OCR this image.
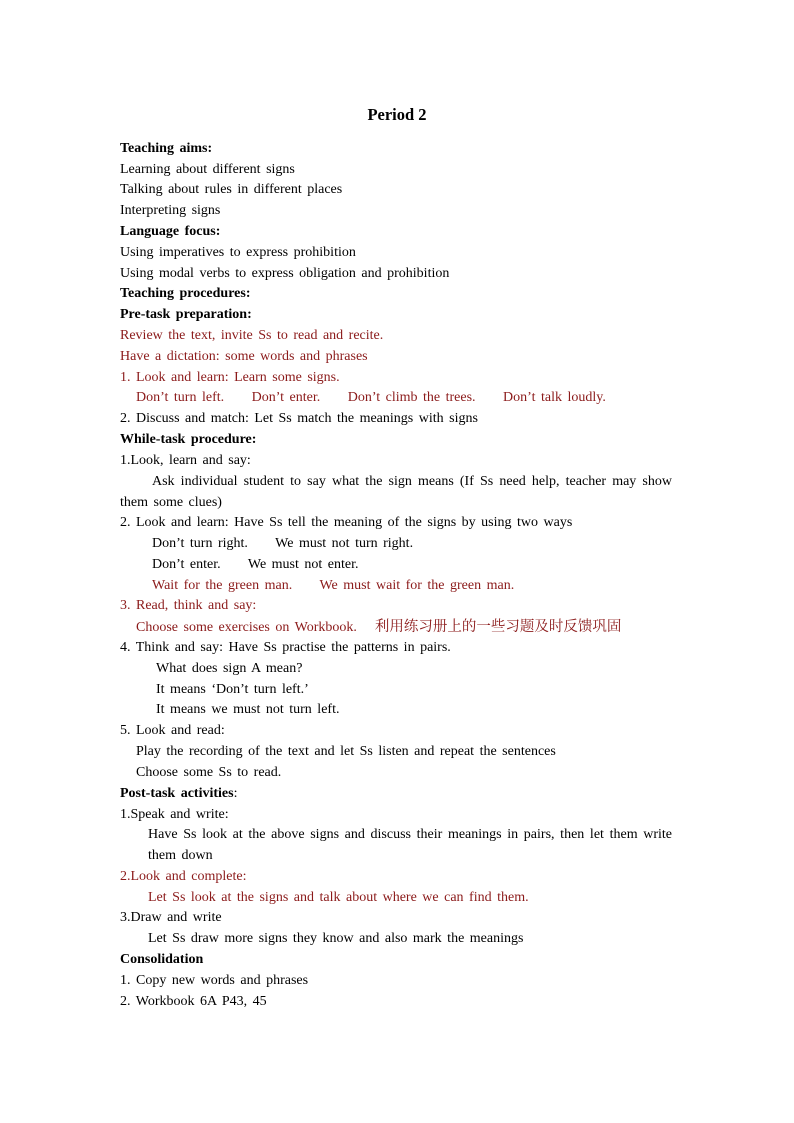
Period 2
Teaching aims:
Learning about different signs
Talking about rules in different places
Interpreting signs
Language focus:
Using imperatives to express prohibition
Using modal verbs to express obligation and prohibition
Teaching procedures:
Pre-task preparation:
Review the text, invite Ss to read and recite.
Have a dictation: some words and phrases
1. Look and learn: Learn some signs.
Don’t turn left.     Don’t enter.     Don’t climb the trees.     Don’t talk loudly.
2. Discuss and match: Let Ss match the meanings with signs
While-task procedure:
1.Look, learn and say:
Ask individual student to say what the sign means (If Ss need help, teacher may show them some clues)
2. Look and learn: Have Ss tell the meaning of the signs by using two ways
Don’t turn right.     We must not turn right.
Don’t enter.     We must not enter.
Wait for the green man.     We must wait for the green man.
3. Read, think and say:
Choose some exercises on Workbook. 利用练习册上的一些习题及时反馈巩固
4. Think and say: Have Ss practise the patterns in pairs.
What does sign A mean?
It means ‘Don’t turn left.’
It means we must not turn left.
5. Look and read:
Play the recording of the text and let Ss listen and repeat the sentences
Choose some Ss to read.
Post-task activities:
1.Speak and write:
Have Ss look at the above signs and discuss their meanings in pairs, then let them write them down
2.Look and complete:
Let Ss look at the signs and talk about where we can find them.
3.Draw and write
Let Ss draw more signs they know and also mark the meanings
Consolidation
1. Copy new words and phrases
2. Workbook 6A P43, 45
